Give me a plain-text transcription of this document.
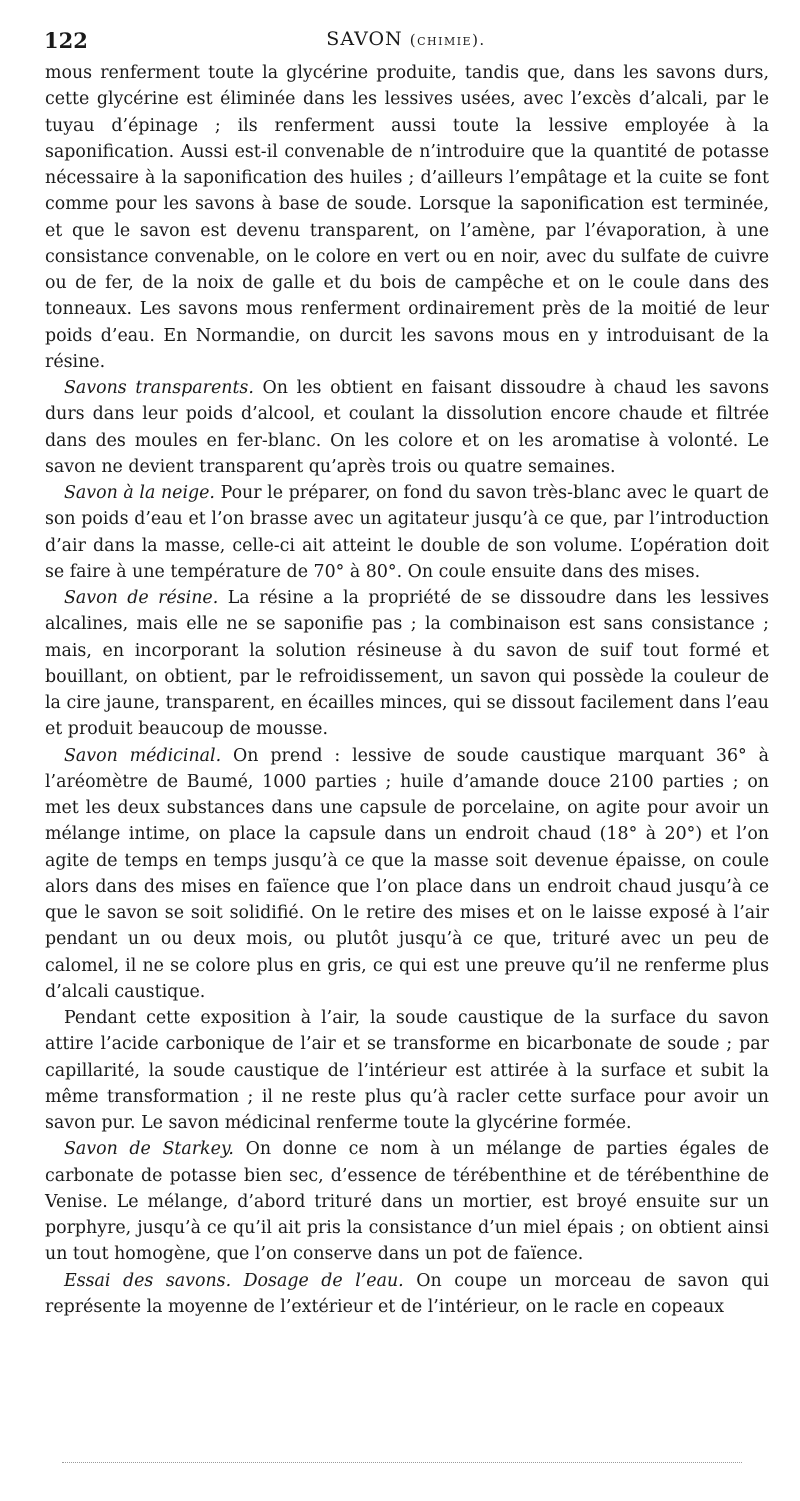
122	SAVON (chimie).

mous renferment toute la glycérine produite, tandis que, dans les savons durs, cette glycérine est éliminée dans les lessives usées, avec l’excès d’alcali, par le tuyau d’épinage ; ils renferment aussi toute la lessive employée à la saponification. Aussi est-il convenable de n’introduire que la quantité de potasse nécessaire à la saponification des huiles ; d’ailleurs l’empâtage et la cuite se font comme pour les savons à base de soude. Lorsque la saponification est terminée, et que le savon est devenu transparent, on l’amène, par l’évaporation, à une consistance convenable, on le colore en vert ou en noir, avec du sulfate de cuivre ou de fer, de la noix de galle et du bois de campêche et on le coule dans des tonneaux. Les savons mous renferment ordinairement près de la moitié de leur poids d’eau. En Normandie, on durcit les savons mous en y introduisant de la résine.

Savons transparents. On les obtient en faisant dissoudre à chaud les savons durs dans leur poids d’alcool, et coulant la dissolution encore chaude et filtrée dans des moules en fer-blanc. On les colore et on les aromatise à volonté. Le savon ne devient transparent qu’après trois ou quatre semaines.

Savon à la neige. Pour le préparer, on fond du savon très-blanc avec le quart de son poids d’eau et l’on brasse avec un agitateur jusqu’à ce que, par l’introduction d’air dans la masse, celle-ci ait atteint le double de son volume. L’opération doit se faire à une température de 70° à 80°. On coule ensuite dans des mises.

Savon de résine. La résine a la propriété de se dissoudre dans les lessives alcalines, mais elle ne se saponifie pas ; la combinaison est sans consistance ; mais, en incorporant la solution résineuse à du savon de suif tout formé et bouillant, on obtient, par le refroidissement, un savon qui possède la couleur de la cire jaune, transparent, en écailles minces, qui se dissout facilement dans l’eau et produit beaucoup de mousse.

Savon médicinal. On prend : lessive de soude caustique marquant 36° à l’aréomètre de Baumé, 1000 parties ; huile d’amande douce 2100 parties ; on met les deux substances dans une capsule de porcelaine, on agite pour avoir un mélange intime, on place la capsule dans un endroit chaud (18° à 20°) et l’on agite de temps en temps jusqu’à ce que la masse soit devenue épaisse, on coule alors dans des mises en faïence que l’on place dans un endroit chaud jusqu’à ce que le savon se soit solidifié. On le retire des mises et on le laisse exposé à l’air pendant un ou deux mois, ou plutôt jusqu’à ce que, trituré avec un peu de calomel, il ne se colore plus en gris, ce qui est une preuve qu’il ne renferme plus d’alcali caustique.

Pendant cette exposition à l’air, la soude caustique de la surface du savon attire l’acide carbonique de l’air et se transforme en bicarbonate de soude ; par capillarité, la soude caustique de l’intérieur est attirée à la surface et subit la même transformation ; il ne reste plus qu’à racler cette surface pour avoir un savon pur. Le savon médicinal renferme toute la glycérine formée.

Savon de Starkey. On donne ce nom à un mélange de parties égales de carbonate de potasse bien sec, d’essence de térébenthine et de térébenthine de Venise. Le mélange, d’abord trituré dans un mortier, est broyé ensuite sur un porphyre, jusqu’à ce qu’il ait pris la consistance d’un miel épais ; on obtient ainsi un tout homogène, que l’on conserve dans un pot de faïence.

Essai des savons. Dosage de l’eau. On coupe un morceau de savon qui représente la moyenne de l’extérieur et de l’intérieur, on le racle en copeaux
